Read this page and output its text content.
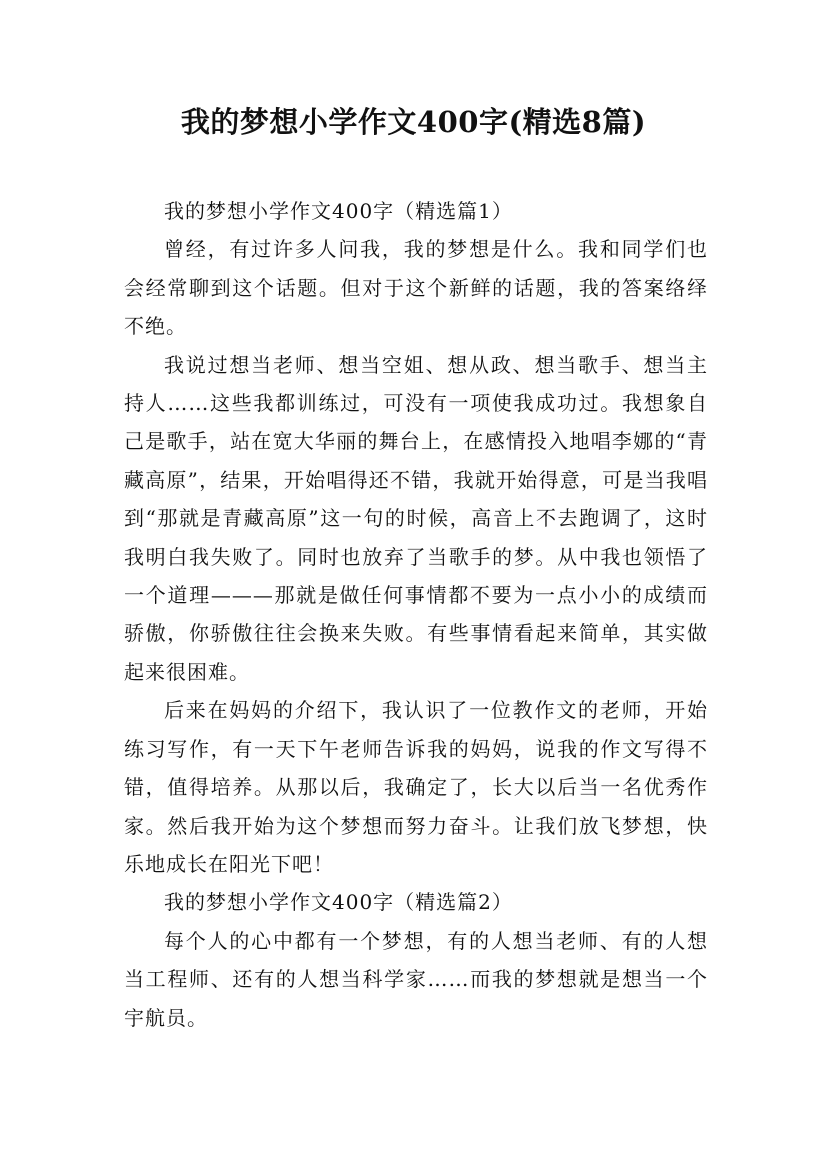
我的梦想小学作文400字(精选8篇)

我的梦想小学作文400字（精选篇1）

曾经，有过许多人问我，我的梦想是什么。我和同学们也会经常聊到这个话题。但对于这个新鲜的话题，我的答案络绎不绝。

我说过想当老师、想当空姐、想从政、想当歌手、想当主持人……这些我都训练过，可没有一项使我成功过。我想象自己是歌手，站在宽大华丽的舞台上，在感情投入地唱李娜的“青藏高原”，结果，开始唱得还不错，我就开始得意，可是当我唱到“那就是青藏高原”这一句的时候，高音上不去跑调了，这时我明白我失败了。同时也放弃了当歌手的梦。从中我也领悟了一个道理———那就是做任何事情都不要为一点小小的成绩而骄傲，你骄傲往往会换来失败。有些事情看起来简单，其实做起来很困难。

后来在妈妈的介绍下，我认识了一位教作文的老师，开始练习写作，有一天下午老师告诉我的妈妈，说我的作文写得不错，值得培养。从那以后，我确定了，长大以后当一名优秀作家。然后我开始为这个梦想而努力奋斗。让我们放飞梦想，快乐地成长在阳光下吧！

我的梦想小学作文400字（精选篇2）

每个人的心中都有一个梦想，有的人想当老师、有的人想当工程师、还有的人想当科学家……而我的梦想就是想当一个宇航员。
